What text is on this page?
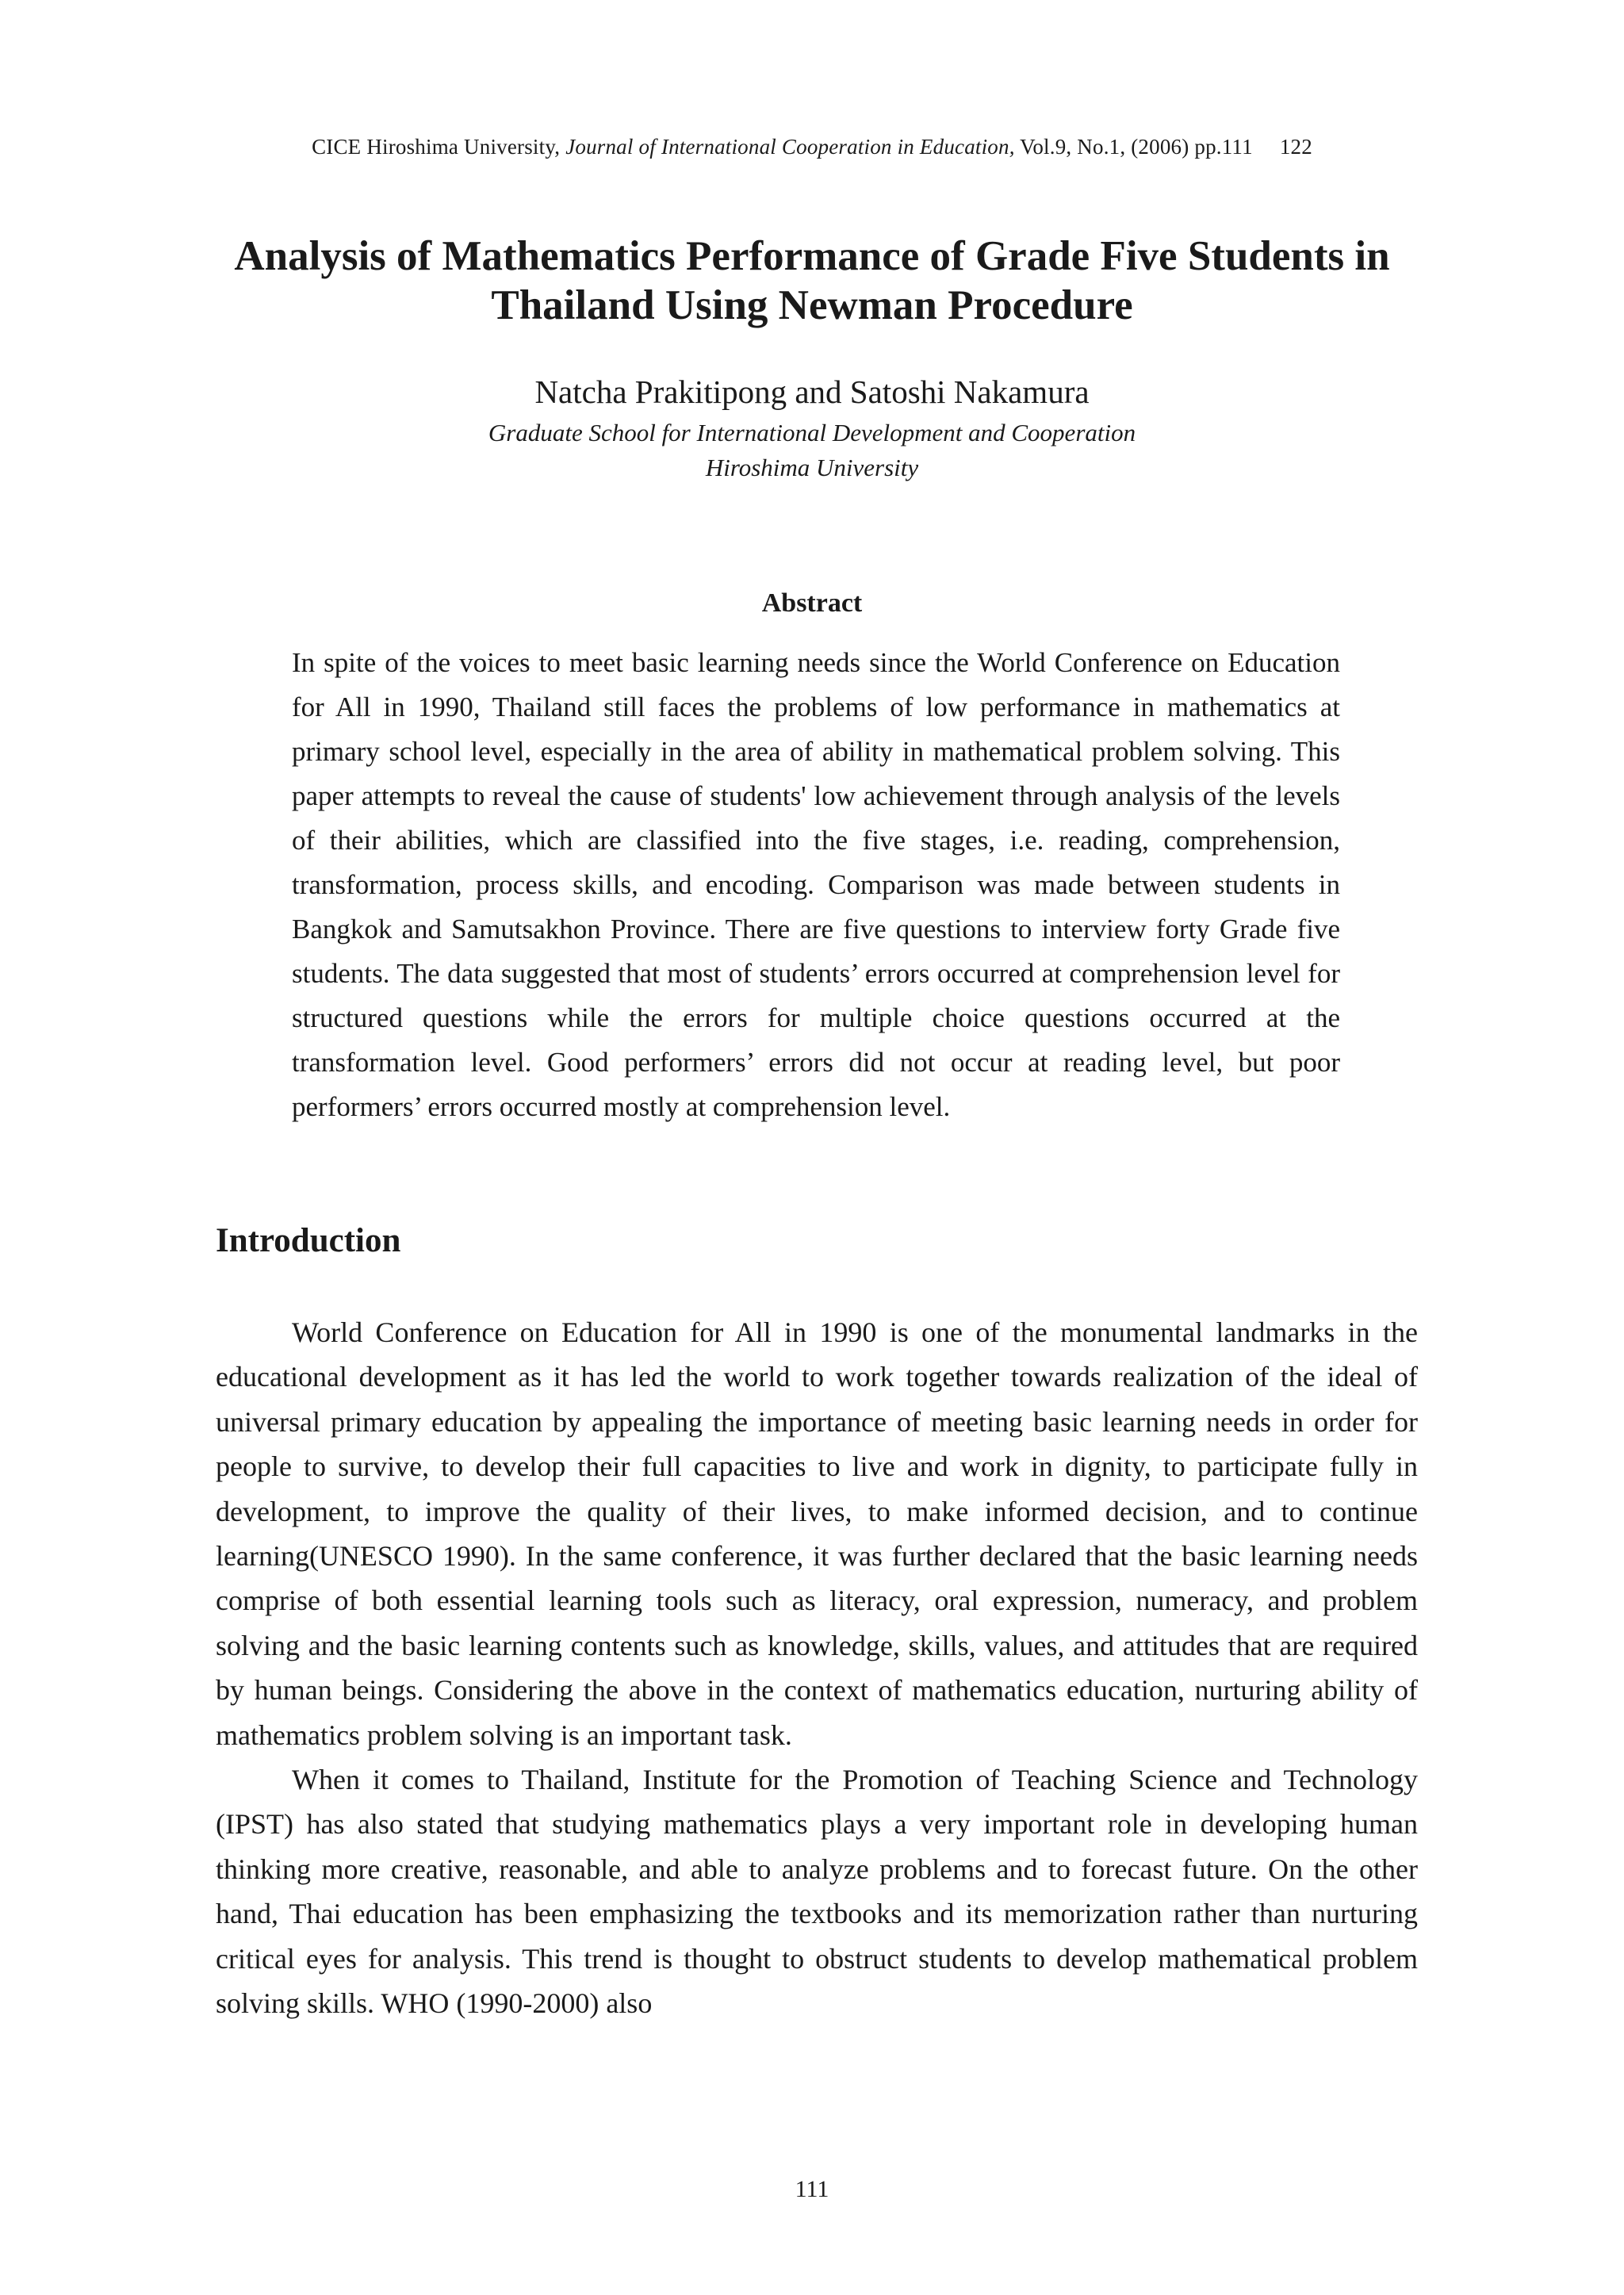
CICE Hiroshima University, Journal of International Cooperation in Education, Vol.9, No.1, (2006) pp.111 122
Analysis of Mathematics Performance of Grade Five Students in Thailand Using Newman Procedure

Natcha Prakitipong and Satoshi Nakamura

Graduate School for International Development and Cooperation

Hiroshima University

Abstract

In spite of the voices to meet basic learning needs since the World Conference on Education for All in 1990, Thailand still faces the problems of low performance in mathematics at primary school level, especially in the area of ability in mathematical problem solving. This paper attempts to reveal the cause of students' low achievement through analysis of the levels of their abilities, which are classified into the five stages, i.e. reading, comprehension, transformation, process skills, and encoding. Comparison was made between students in Bangkok and Samutsakhon Province. There are five questions to interview forty Grade five students. The data suggested that most of students’ errors occurred at comprehension level for structured questions while the errors for multiple choice questions occurred at the transformation level. Good performers’ errors did not occur at reading level, but poor performers’ errors occurred mostly at comprehension level.

Introduction

World Conference on Education for All in 1990 is one of the monumental landmarks in the educational development as it has led the world to work together towards realization of the ideal of universal primary education by appealing the importance of meeting basic learning needs in order for people to survive, to develop their full capacities to live and work in dignity, to participate fully in development, to improve the quality of their lives, to make informed decision, and to continue learning(UNESCO 1990). In the same conference, it was further declared that the basic learning needs comprise of both essential learning tools such as literacy, oral expression, numeracy, and problem solving and the basic learning contents such as knowledge, skills, values, and attitudes that are required by human beings. Considering the above in the context of mathematics education, nurturing ability of mathematics problem solving is an important task.

When it comes to Thailand, Institute for the Promotion of Teaching Science and Technology (IPST) has also stated that studying mathematics plays a very important role in developing human thinking more creative, reasonable, and able to analyze problems and to forecast future. On the other hand, Thai education has been emphasizing the textbooks and its memorization rather than nurturing critical eyes for analysis. This trend is thought to obstruct students to develop mathematical problem solving skills. WHO (1990-2000) also

111
